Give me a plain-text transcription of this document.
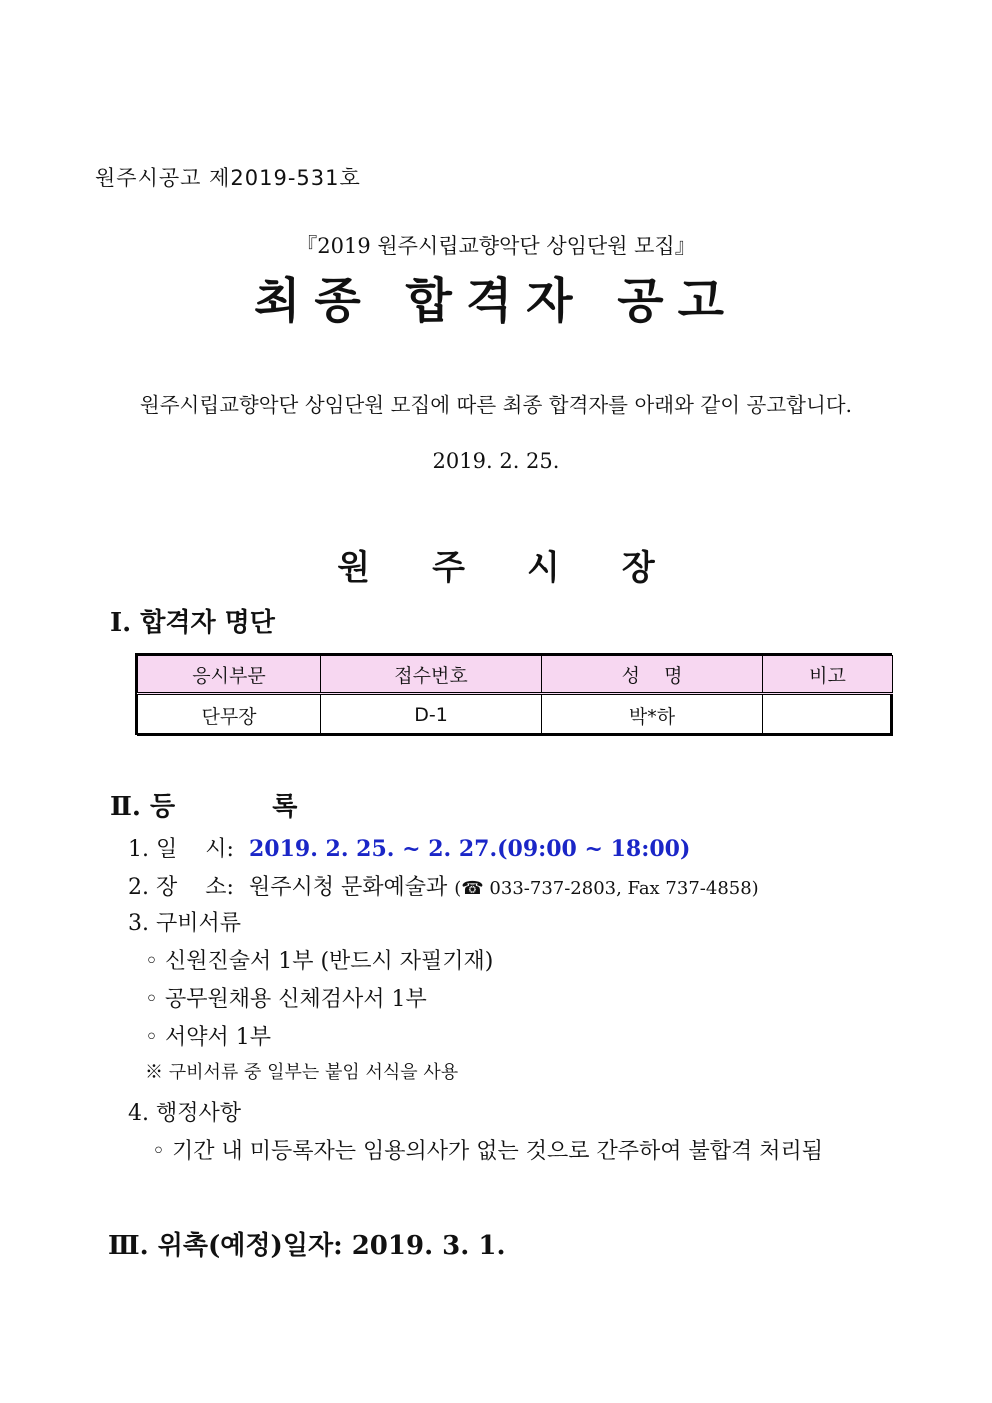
원주시공고 제2019-531호
『2019 원주시립교향악단 상임단원 모집』
최종 합격자 공고
원주시립교향악단 상임단원 모집에 따른 최종 합격자를 아래와 같이 공고합니다.
2019. 2. 25.
원주시장
Ⅰ. 합격자 명단
응시부문	접수번호	성    명	비고
단무장	D-1	박*하	
Ⅱ. 등 록
1. 일    시: 2019. 2. 25. ~ 2. 27.(09:00 ~ 18:00)
2. 장    소: 원주시청 문화예술과 (☎ 033-737-2803, Fax 737-4858)
3. 구비서류
◦ 신원진술서 1부 (반드시 자필기재)
◦ 공무원채용 신체검사서 1부
◦ 서약서 1부
※ 구비서류 중 일부는 붙임 서식을 사용
4. 행정사항
◦ 기간 내 미등록자는 임용의사가 없는 것으로 간주하여 불합격 처리됨
Ⅲ. 위촉(예정)일자: 2019. 3. 1.
